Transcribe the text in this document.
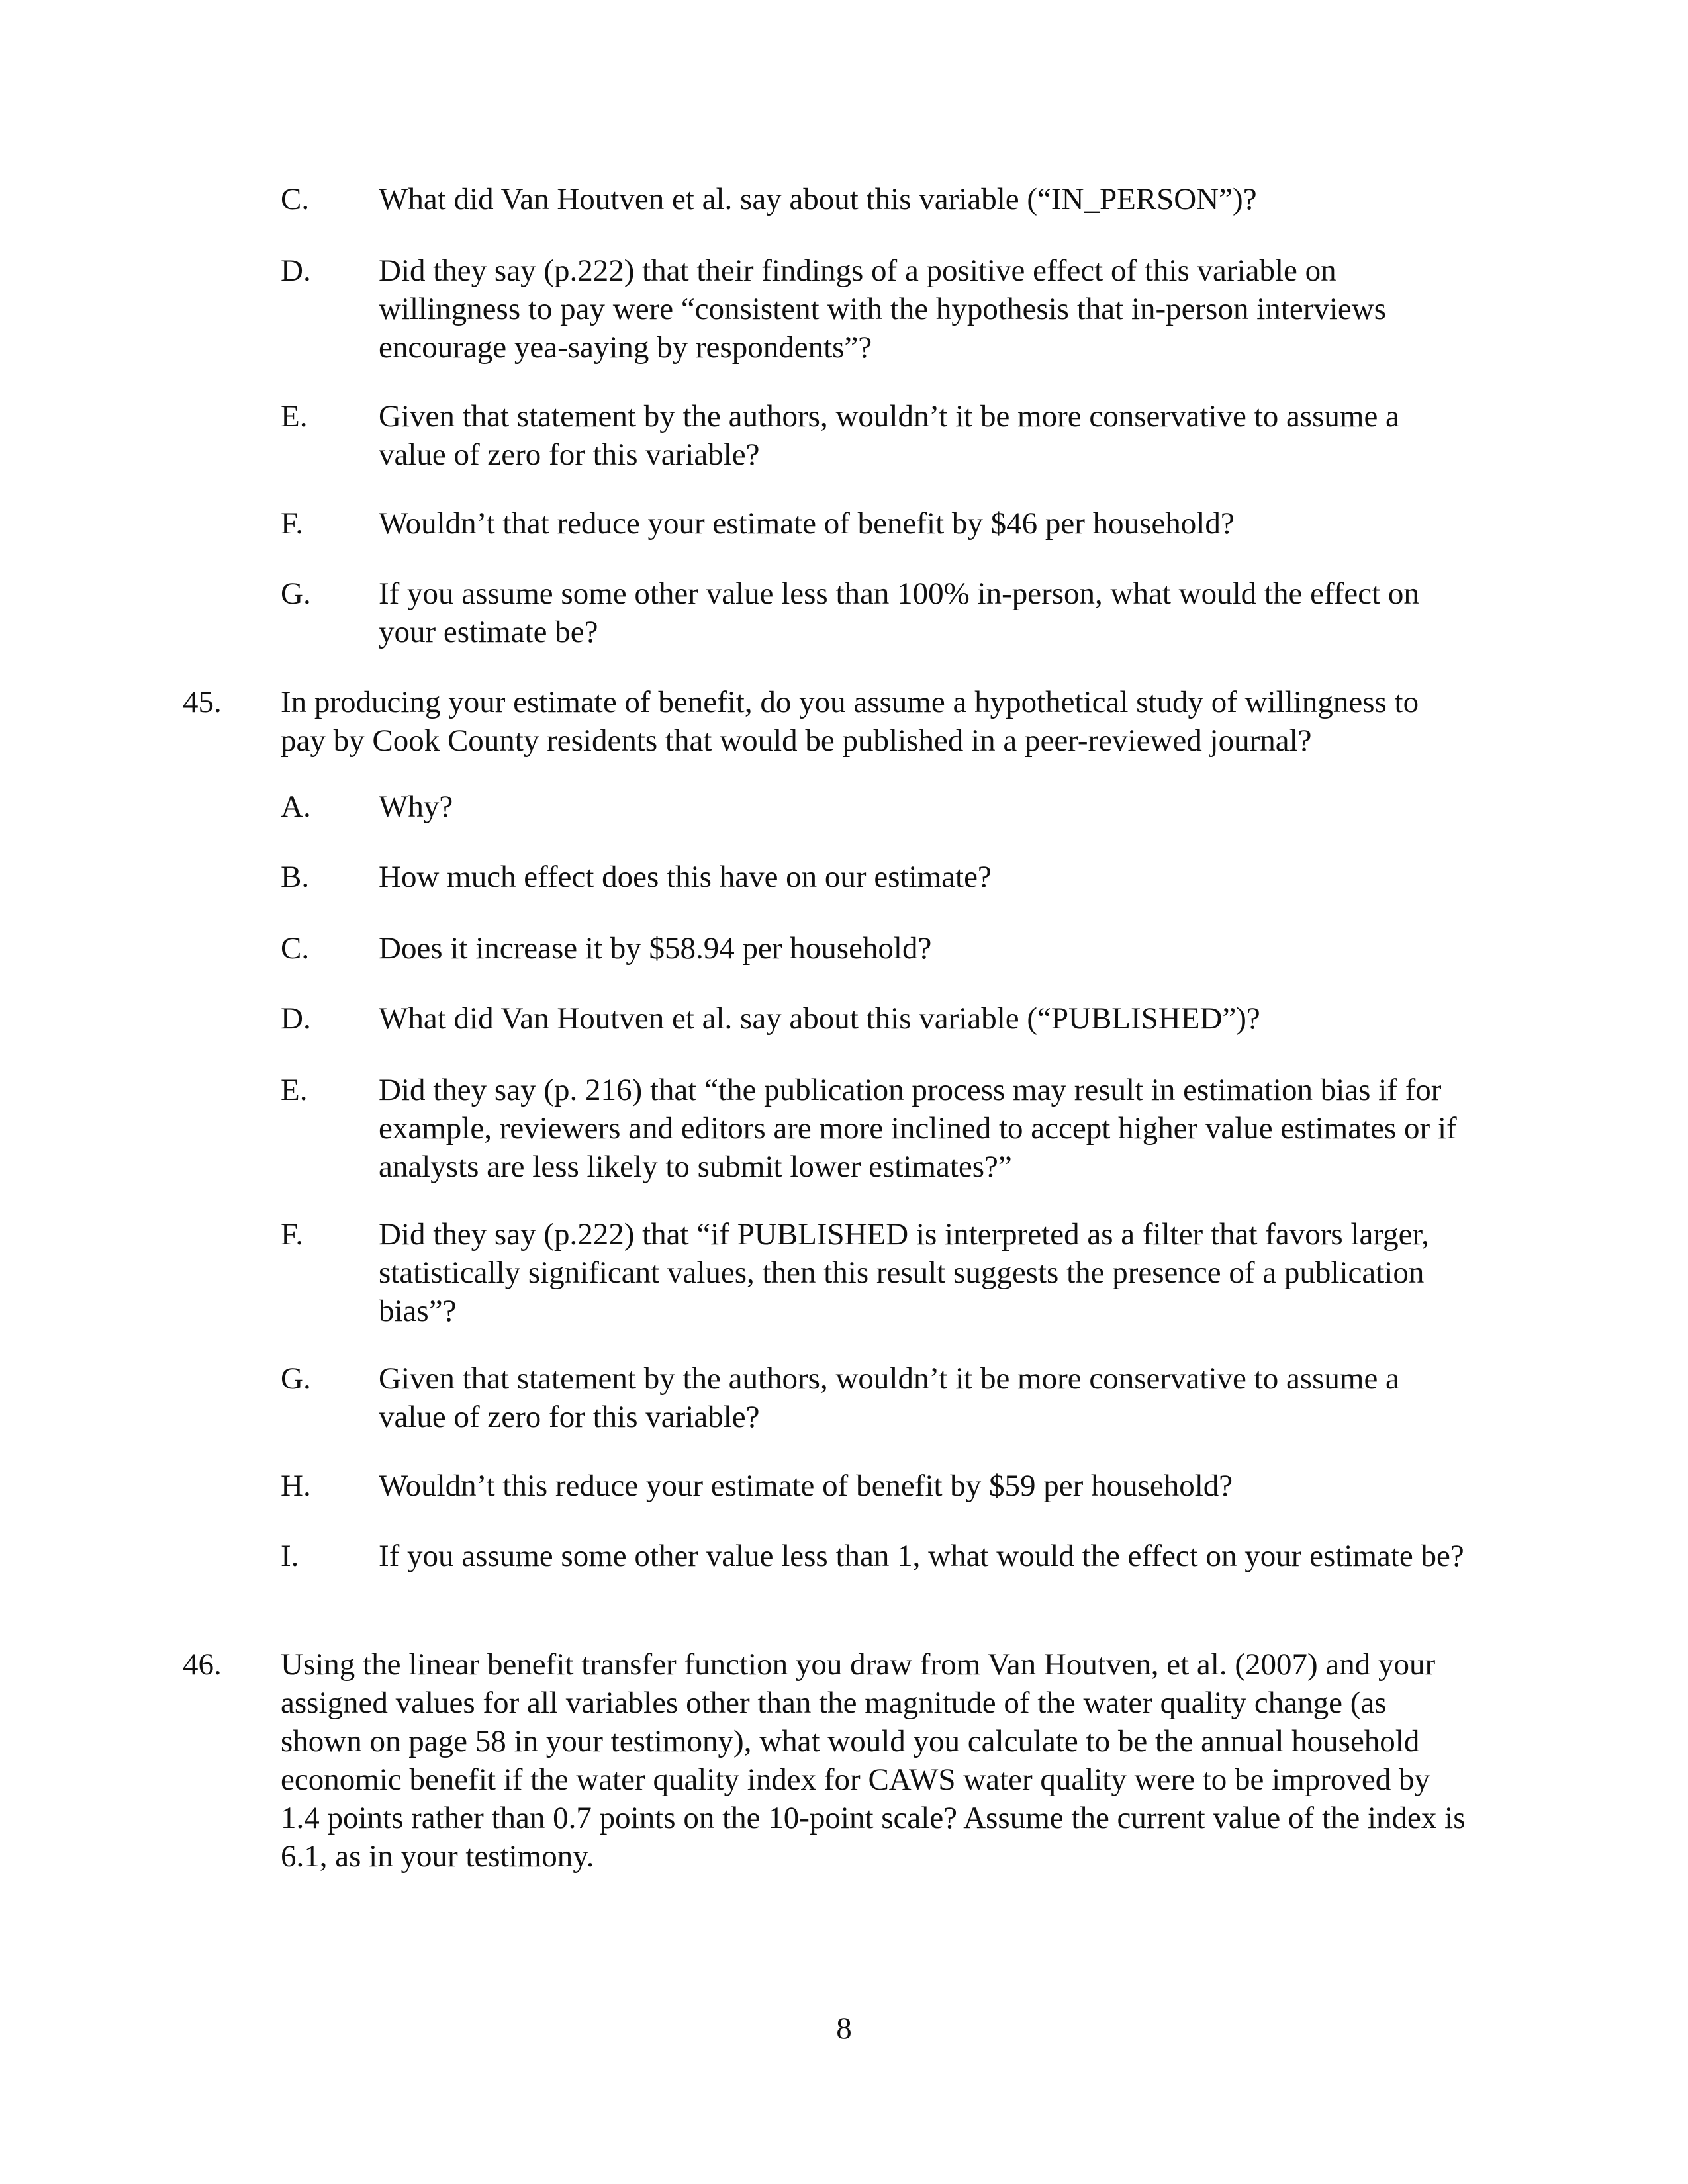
C. What did Van Houtven et al. say about this variable (“IN_PERSON”)?
D. Did they say (p.222) that their findings of a positive effect of this variable on willingness to pay were “consistent with the hypothesis that in-person interviews encourage yea-saying by respondents”?
E. Given that statement by the authors, wouldn’t it be more conservative to assume a value of zero for this variable?
F. Wouldn’t that reduce your estimate of benefit by $46 per household?
G. If you assume some other value less than 100% in-person, what would the effect on your estimate be?
45. In producing your estimate of benefit, do you assume a hypothetical study of willingness to pay by Cook County residents that would be published in a peer-reviewed journal?
A. Why?
B. How much effect does this have on our estimate?
C. Does it increase it by $58.94 per household?
D. What did Van Houtven et al. say about this variable (“PUBLISHED”)?
E. Did they say (p. 216) that “the publication process may result in estimation bias if for example, reviewers and editors are more inclined to accept higher value estimates or if analysts are less likely to submit lower estimates?”
F. Did they say (p.222) that “if PUBLISHED is interpreted as a filter that favors larger, statistically significant values, then this result suggests the presence of a publication bias”?
G. Given that statement by the authors, wouldn’t it be more conservative to assume a value of zero for this variable?
H. Wouldn’t this reduce your estimate of benefit by $59 per household?
I.	If you assume some other value less than 1, what would the effect on your estimate be?
46. Using the linear benefit transfer function you draw from Van Houtven, et al. (2007) and your assigned values for all variables other than the magnitude of the water quality change (as shown on page 58 in your testimony), what would you calculate to be the annual household economic benefit if the water quality index for CAWS water quality were to be improved by 1.4 points rather than 0.7 points on the 10-point scale? Assume the current value of the index is 6.1, as in your testimony.
8
